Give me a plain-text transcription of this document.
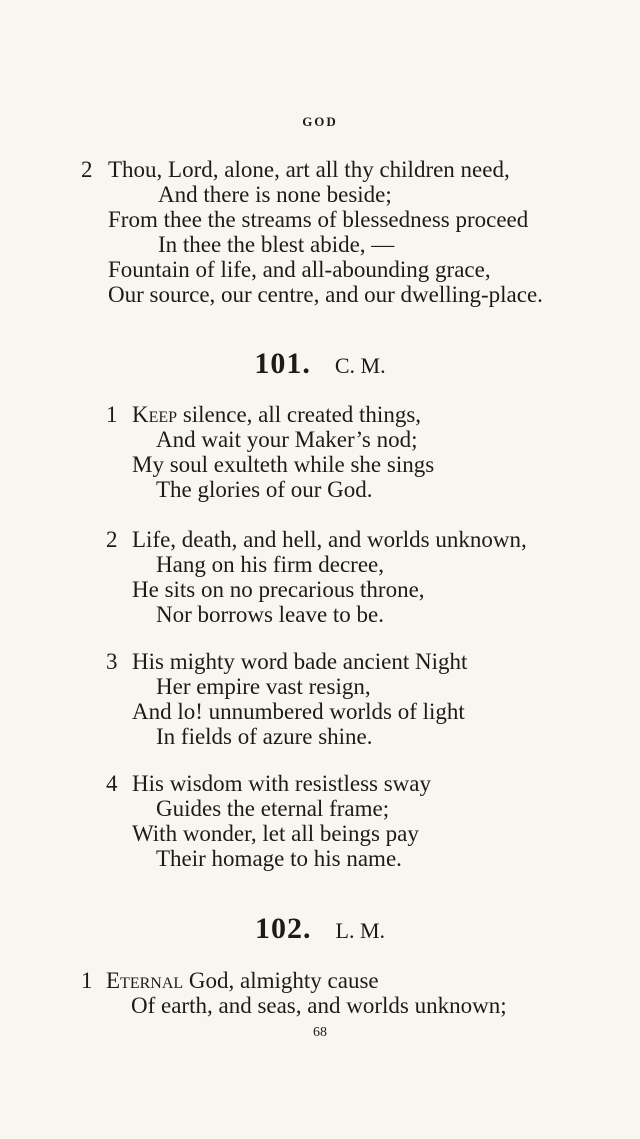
GOD
2 Thou, Lord, alone, art all thy children need,
And there is none beside;
From thee the streams of blessedness proceed
In thee the blest abide, —
Fountain of life, and all-abounding grace,
Our source, our centre, and our dwelling-place.
101. C. M.
1 Keep silence, all created things,
And wait your Maker’s nod;
My soul exulteth while she sings
The glories of our God.
2 Life, death, and hell, and worlds unknown,
Hang on his firm decree,
He sits on no precarious throne,
Nor borrows leave to be.
3 His mighty word bade ancient Night
Her empire vast resign,
And lo! unnumbered worlds of light
In fields of azure shine.
4 His wisdom with resistless sway
Guides the eternal frame;
With wonder, let all beings pay
Their homage to his name.
102. L. M.
1 Eternal God, almighty cause
Of earth, and seas, and worlds unknown;
68
